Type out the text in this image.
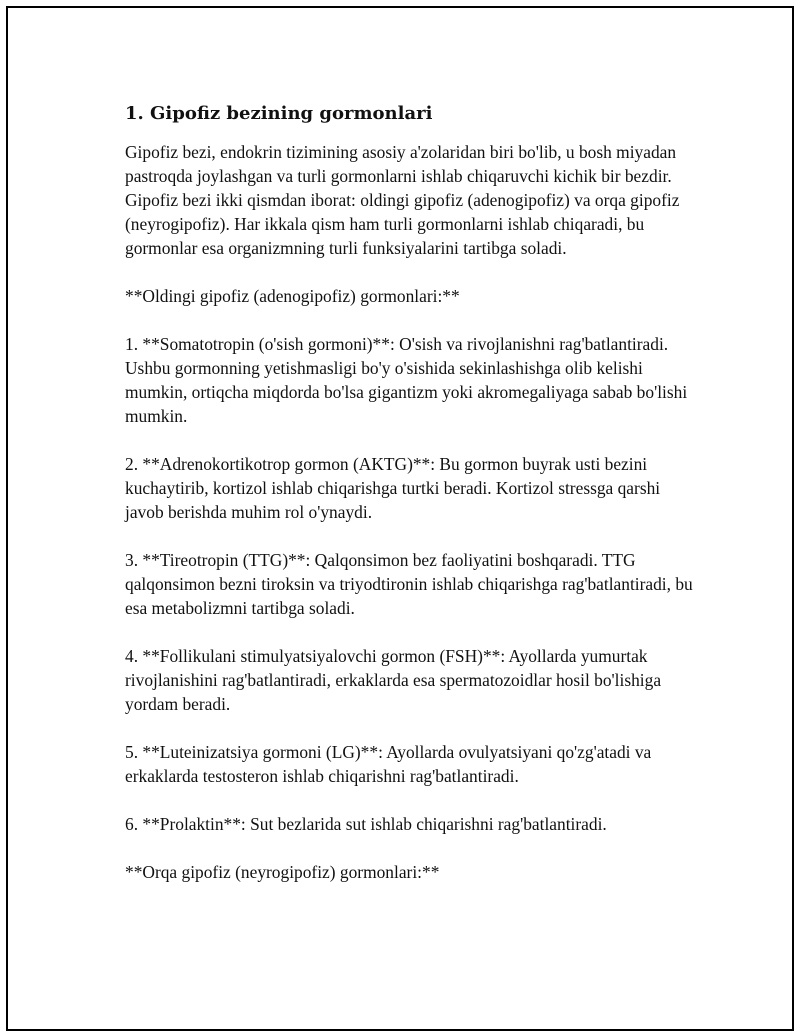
1. Gipofiz bezining gormonlari

Gipofiz bezi, endokrin tizimining asosiy a'zolaridan biri bo'lib, u bosh miyadan pastroqda joylashgan va turli gormonlarni ishlab chiqaruvchi kichik bir bezdir. Gipofiz bezi ikki qismdan iborat: oldingi gipofiz (adenogipofiz) va orqa gipofiz (neyrogipofiz). Har ikkala qism ham turli gormonlarni ishlab chiqaradi, bu gormonlar esa organizmning turli funksiyalarini tartibga soladi.

**Oldingi gipofiz (adenogipofiz) gormonlari:**

1. **Somatotropin (o'sish gormoni)**: O'sish va rivojlanishni rag'batlantiradi. Ushbu gormonning yetishmasligi bo'y o'sishida sekinlashishga olib kelishi mumkin, ortiqcha miqdorda bo'lsa gigantizm yoki akromegaliyaga sabab bo'lishi mumkin.

2. **Adrenokortikotrop gormon (AKTG)**: Bu gormon buyrak usti bezini kuchaytirib, kortizol ishlab chiqarishga turtki beradi. Kortizol stressga qarshi javob berishda muhim rol o'ynaydi.

3. **Tireotropin (TTG)**: Qalqonsimon bez faoliyatini boshqaradi. TTG qalqonsimon bezni tiroksin va triyodtironin ishlab chiqarishga rag'batlantiradi, bu esa metabolizmni tartibga soladi.

4. **Follikulani stimulyatsiyalovchi gormon (FSH)**: Ayollarda yumurtak rivojlanishini rag'batlantiradi, erkaklarda esa spermatozoidlar hosil bo'lishiga yordam beradi.

5. **Luteinizatsiya gormoni (LG)**: Ayollarda ovulyatsiyani qo'zg'atadi va erkaklarda testosteron ishlab chiqarishni rag'batlantiradi.

6. **Prolaktin**: Sut bezlarida sut ishlab chiqarishni rag'batlantiradi.

**Orqa gipofiz (neyrogipofiz) gormonlari:**
